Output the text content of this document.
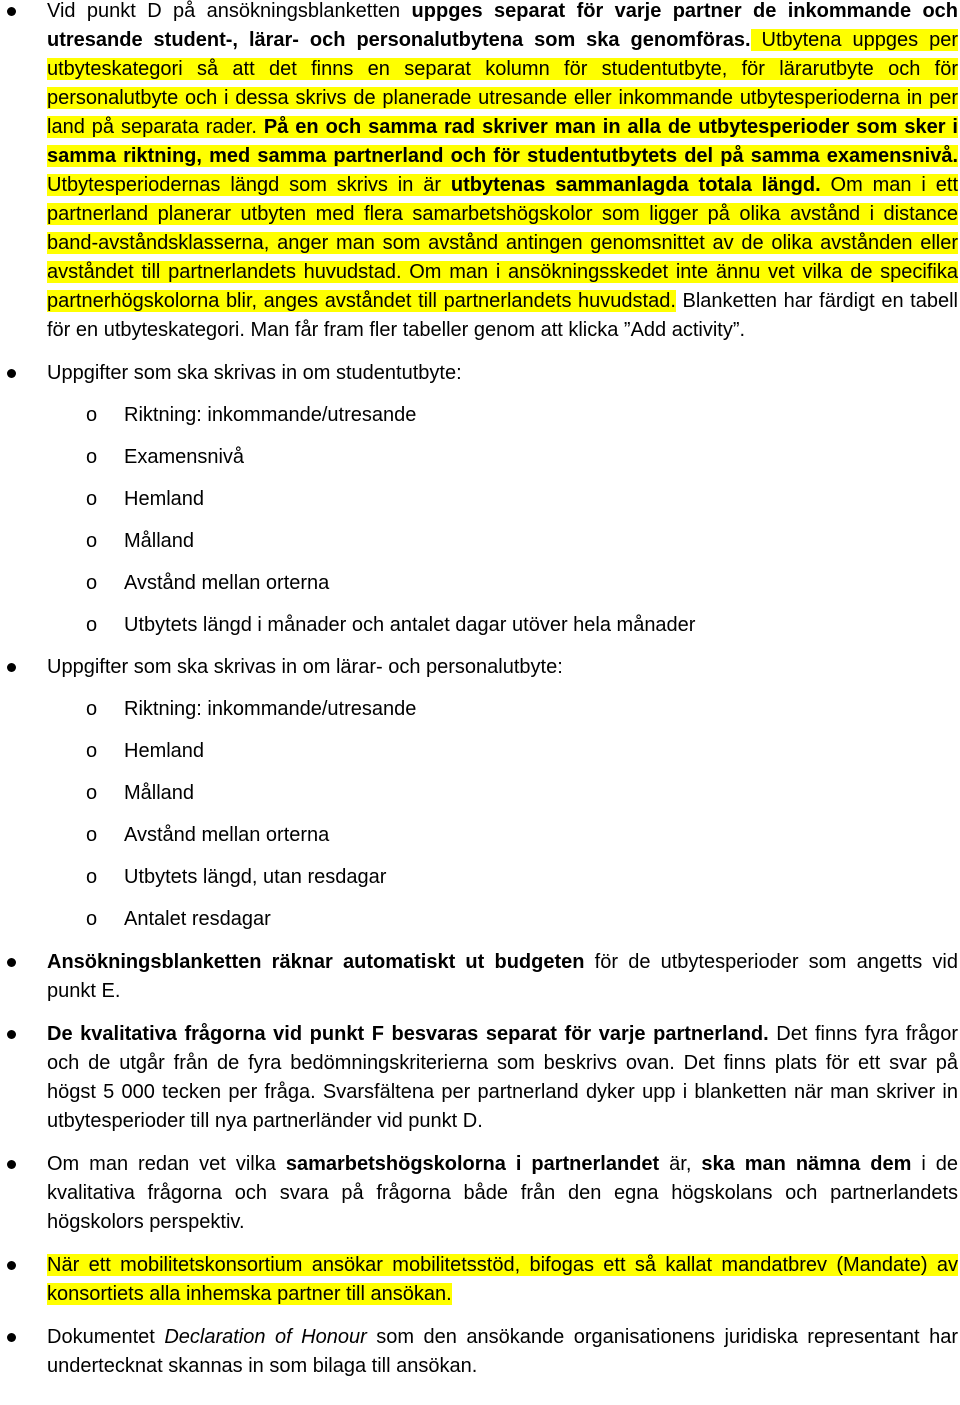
Vid punkt D på ansökningsblanketten uppges separat för varje partner de inkommande och utresande student-, lärar- och personalutbytena som ska genomföras. Utbytena uppges per utbyteskategori så att det finns en separat kolumn för studentutbyte, för lärarutbyte och för personalutbyte och i dessa skrivs de planerade utresande eller inkommande utbytesperioderna in per land på separata rader. På en och samma rad skriver man in alla de utbytesperioder som sker i samma riktning, med samma partnerland och för studentutbytets del på samma examensnivå. Utbytesperiodernas längd som skrivs in är utbytenas sammanlagda totala längd. Om man i ett partnerland planerar utbyten med flera samarbetshögskolor som ligger på olika avstånd i distance band-avståndsklasserna, anger man som avstånd antingen genomsnittet av de olika avstånden eller avståndet till partnerlandets huvudstad. Om man i ansökningsskedet inte ännu vet vilka de specifika partnerhögskolorna blir, anges avståndet till partnerlandets huvudstad. Blanketten har färdigt en tabell för en utbyteskategori. Man får fram fler tabeller genom att klicka ”Add activity”.

Uppgifter som ska skrivas in om studentutbyte:

o Riktning: inkommande/utresande
o Examensnivå
o Hemland
o Målland
o Avstånd mellan orterna
o Utbytets längd i månader och antalet dagar utöver hela månader

Uppgifter som ska skrivas in om lärar- och personalutbyte:

o Riktning: inkommande/utresande
o Hemland
o Målland
o Avstånd mellan orterna
o Utbytets längd, utan resdagar
o Antalet resdagar

Ansökningsblanketten räknar automatiskt ut budgeten för de utbytesperioder som angetts vid punkt E.

De kvalitativa frågorna vid punkt F besvaras separat för varje partnerland. Det finns fyra frågor och de utgår från de fyra bedömningskriterierna som beskrivs ovan. Det finns plats för ett svar på högst 5 000 tecken per fråga. Svarsfältena per partnerland dyker upp i blanketten när man skriver in utbytesperioder till nya partnerländer vid punkt D.

Om man redan vet vilka samarbetshögskolorna i partnerlandet är, ska man nämna dem i de kvalitativa frågorna och svara på frågorna både från den egna högskolans och partnerlandets högskolors perspektiv.

När ett mobilitetskonsortium ansökar mobilitetsstöd, bifogas ett så kallat mandatbrev (Mandate) av konsortiets alla inhemska partner till ansökan.

Dokumentet Declaration of Honour som den ansökande organisationens juridiska representant har undertecknat skannas in som bilaga till ansökan.
